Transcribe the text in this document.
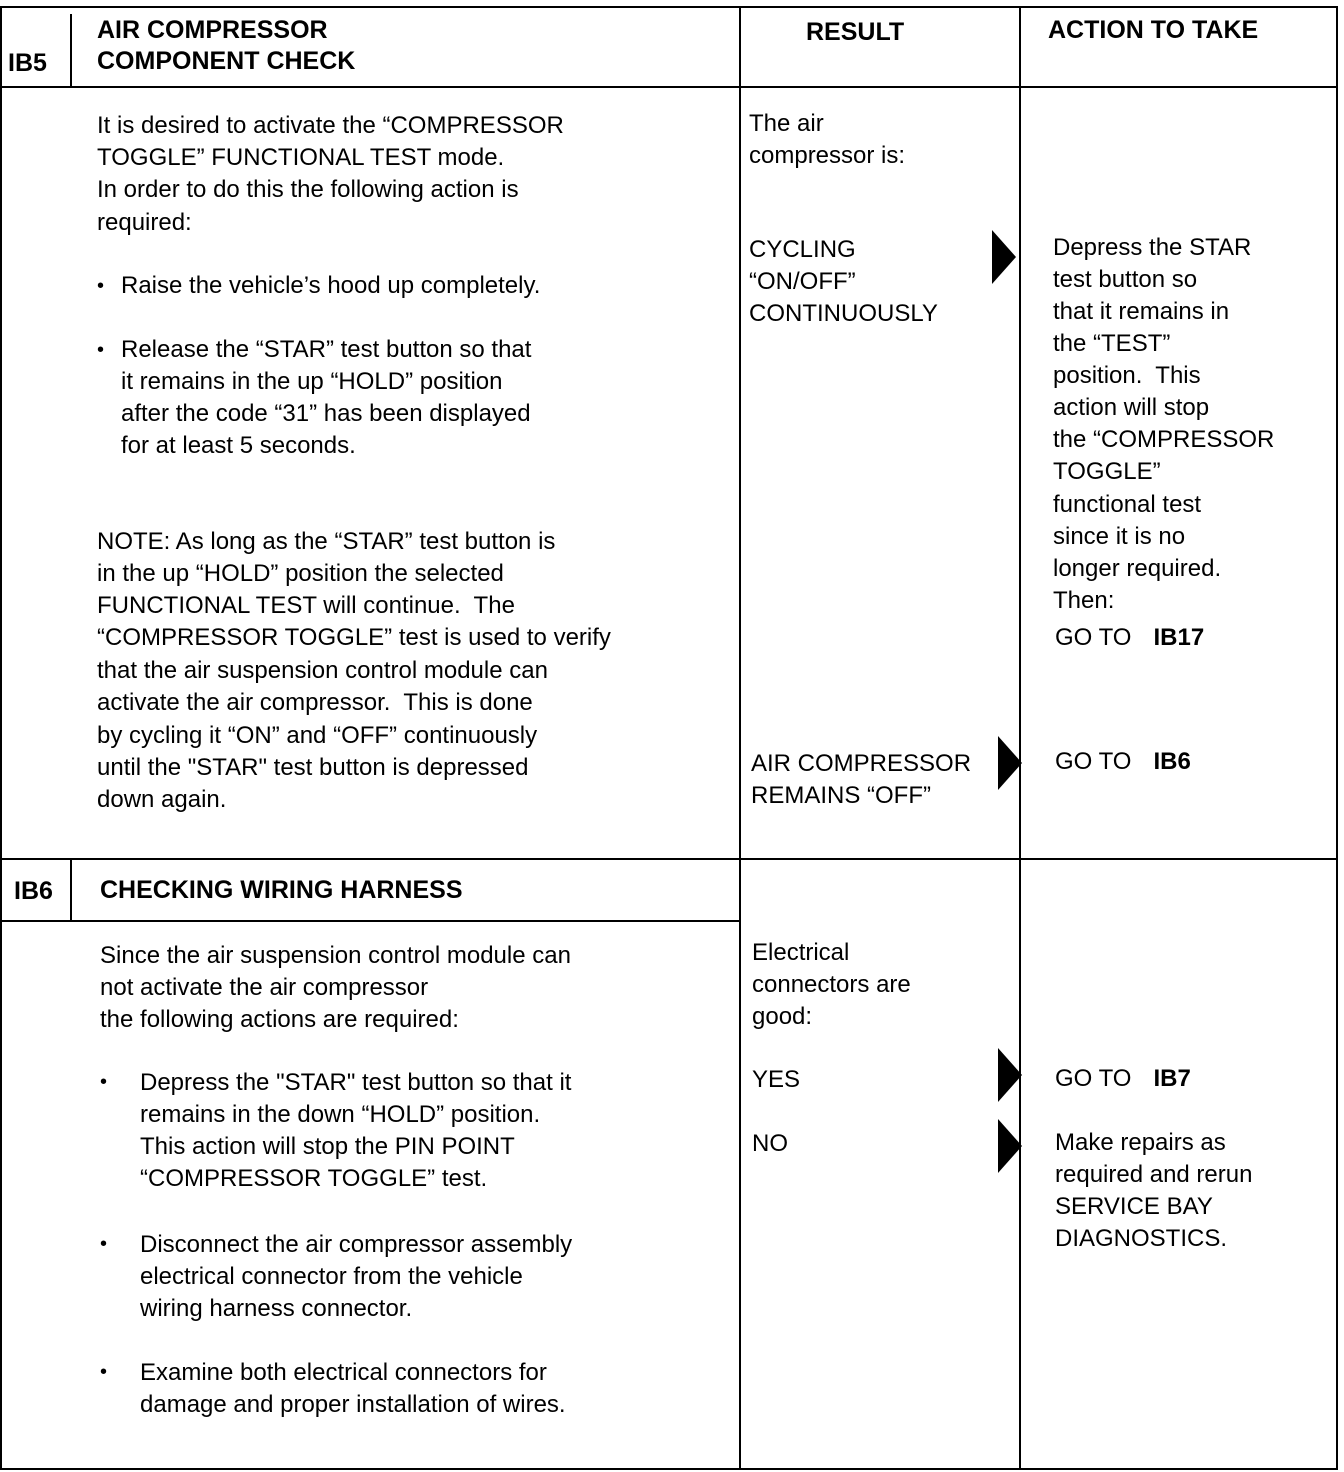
IB5
AIR COMPRESSOR
COMPONENT CHECK
RESULT	ACTION TO TAKE
It is desired to activate the “COMPRESSOR
TOGGLE” FUNCTIONAL TEST mode.
In order to do this the following action is
required:
• Raise the vehicle’s hood up completely.
• Release the “STAR” test button so that
it remains in the up “HOLD” position
after the code “31” has been displayed
for at least 5 seconds.
NOTE: As long as the “STAR” test button is
in the up “HOLD” position the selected
FUNCTIONAL TEST will continue.  The
“COMPRESSOR TOGGLE” test is used to verify
that the air suspension control module can
activate the air compressor.  This is done
by cycling it “ON” and “OFF” continuously
until the "STAR" test button is depressed
down again.
The air
compressor is:
CYCLING
“ON/OFF”
CONTINUOUSLY
AIR COMPRESSOR
REMAINS “OFF”
Depress the STAR
test button so
that it remains in
the “TEST”
position.  This
action will stop
the “COMPRESSOR
TOGGLE”
functional test
since it is no
longer required.
Then:
GO TO IB17
GO TO IB6
IB6 CHECKING WIRING HARNESS
Since the air suspension control module can
not activate the air compressor
the following actions are required:
• Depress the "STAR" test button so that it
remains in the down “HOLD” position.
This action will stop the PIN POINT
“COMPRESSOR TOGGLE” test.
• Disconnect the air compressor assembly
electrical connector from the vehicle
wiring harness connector.
• Examine both electrical connectors for
damage and proper installation of wires.
Electrical
connectors are
good:
YES
NO
GO TO IB7
Make repairs as
required and rerun
SERVICE BAY
DIAGNOSTICS.
